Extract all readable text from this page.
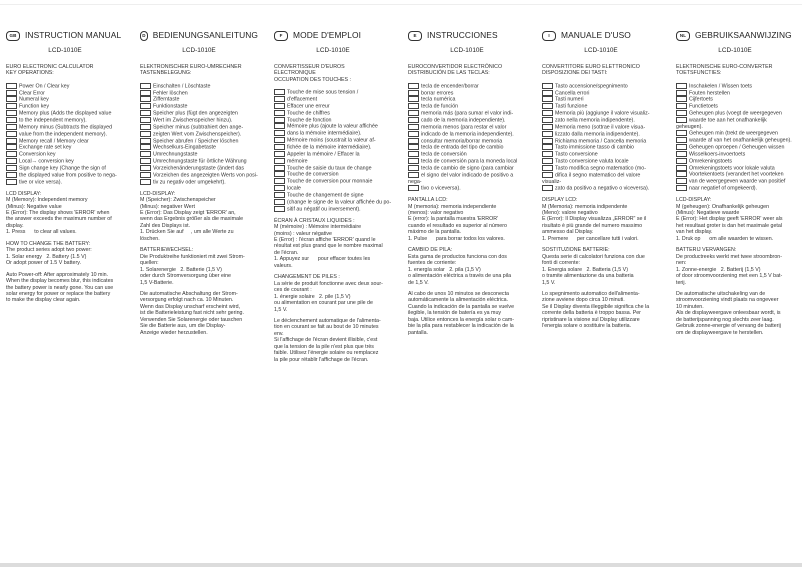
GB	INSTRUCTION MANUAL
LCD-1010E

EURO ELECTRONIC CALCULATOR

KEY OPERATIONS:

Power On / Clear key

Clear Error

Numeral key

Function key

Memory plus (Adds the displayed value

to the independent memory).

Memory minus (Subtracts the displayed

value from the independent memory).

Memory recall / Memory clear

Exchange rate set key

Conversion key

Local→ conversion key

Sign change key (Change the sign of

the displayed value from positive to nega-

tive or vice versa).

LCD DISPLAY:

M (Memory): Independent memory

(Minus): Negative value

E (Error): The display shows 'ERROR' when

the answer exceeds the maximum number of

display.

1. Press      to clear all values.

HOW TO CHANGE THE BATTERY:

The product series adopt two power:

1. Solar energy   2. Battery (1.5 V)

Or adopt power of 1.5 V battery.

Auto Power-off: After approximately 10 min.

When the display becomes blur, this indicates

the battery power is nearly gone. You can use

solar energy for power or replace the battery

to make the display clear again.

D BEDIENUNGSANLEITUNG
LCD-1010E

ELEKTRONISCHER EURO-UMRECHNER

TASTENBELEGUNG:

Einschalten / Löschtaste

Fehler löschen

Zifferntaste

Funktionstaste

Speicher plus (fügt den angezeigten

Wert im Zwischenspeicher hinzu).

Speicher minus (subtrahiert den ange-

zeigten Wert vom Zwischenspeicher).

Speicher abrufen / Speicher löschen

Wechselkurs-Eingabetaste

Umrechnungstaste

Umrechnungstaste für örtliche Währung

Vorzeichenänderungstaste (ändert das

Vorzeichen des angezeigten Werts von posi-

tiv zu negativ oder umgekehrt).

LCD-DISPLAY:

M (Speicher): Zwischenspeicher

(Minus): negativer Wert

E (Error): Das Display zeigt 'ERROR' an,

wenn das Ergebnis größer als die maximale

Zahl des Displays ist.

1. Drücken Sie auf     , um alle Werte zu

löschen.

BATTERIEWECHSEL:

Die Produktreihe funktioniert mit zwei Strom-

quellen:

1. Solarenergie   2. Batterie (1,5 V)

oder durch Stromversorgung über eine

1,5 V-Batterie.

Die automatische Abschaltung der Strom-

versorgung erfolgt nach ca. 10 Minuten.

Wenn das Display unscharf erscheint wird,

ist die Batterieleistung fast nicht sehr gering.

Verwenden Sie Solarenergie oder tauschen

Sie die Batterie aus, um die Display-

Anzeige wieder herzustellen.

F	MODE D'EMPLOI
LCD-1010E

CONVERTISSEUR D'EUROS

ÉLECTRONIQUE

OCCUPATION DES TOUCHES :

Touche de mise sous tension /

d'effacement

Effacer une erreur

Touche de chiffres

Touche de fonction

Mémoire plus (ajoute la valeur affichée

dans la mémoire intermédiaire).

Mémoire moins (soustrait la valeur af-

fichée de la mémoire intermédiaire).

Appeler la mémoire / Effacer la

mémoire

Touche de saisie du taux de change

Touche de conversion

Touche de conversion pour monnaie

locale

Touche de changement de signe

(change le signe de la valeur affichée du po-

sitif au négatif ou inversement).

ÉCRAN À CRISTAUX LIQUIDES :

M (mémoire) : Mémoire intermédiaire

(moins) : valeur négative

E (Error) : l'écran affiche 'ERROR' quand le

résultat est plus grand que le nombre maximal

de l'écran.

1. Appuyez sur      pour effacer toutes les

valeurs.

CHANGEMENT DE PILES :

La série de produit fonctionne avec deux sour-

ces de courant :

1. énergie solaire   2. pile (1,5 V)

ou alimentation en courant par une pile de

1,5 V.

Le déclenchement automatique de l'alimenta-

tion en courant se fait au bout de 10 minutes

env.

Si l'affichage de l'écran devient illisible, c'est

que la tension de la pile n'est plus que très

faible. Utilisez l'énergie solaire ou remplacez

la pile pour rétablir l'affichage de l'écran.

E	INSTRUCCIONES
LCD-1010E

EUROCONVERTIDOR ELECTRÓNICO

DISTRIBUCIÓN DE LAS TECLAS:

tecla de encender/borrar

borrar errores

tecla numérica

tecla de función

memoria más (para sumar el valor indi-

cado de la memoria independiente).

memoria menos (para restar el valor

indicado de la memoria independiente).

consultar memoria/borrar memoria

tecla de entrada del tipo de cambio

tecla de conversión

tecla de conversión para la moneda local

tecla de cambio de signo (para cambiar

el signo del valor indicado de positivo a nega-

tivo o viceversa).

PANTALLA LCD:

M (memoria): memoria independiente

(menos): valor negativo

E (error): la pantalla muestra 'ERROR'

cuando el resultado es superior al número

máximo de la pantalla.

1. Pulse      para borrar todos los valores.

CAMBIO DE PILA:

Esta gama de productos funciona con dos

fuentes de corriente:

1. energía solar   2. pila (1,5 V)

o alimentación eléctrica a través de una pila

de 1,5 V.

Al cabo de unos 10 minutos se desconecta

automáticamente la alimentación eléctrica.

Cuando la indicación de la pantalla se vuelve

ilegible, la tensión de batería es ya muy

baja. Utilice entonces la energía solar o cam-

bie la pila para restablecer la indicación de la

pantalla.

I	MANUALE D'USO
LCD-1010E

CONVERTITORE EURO ELETTRONICO

DISPOSIZIONE DEI TASTI:

Tasto accensione/spegnimento

Cancella errori

Tasti numeri

Tasti funzione

Memoria più (aggiunge il valore visualiz-

zato nella memoria indipendente).

Memoria meno (sottrae il valore visua-

lizzato dalla memoria indipendente).

Richiama memoria / Cancella memoria

Tasto immissione tasso di cambio

Tasto conversione

Tasto conversione valuta locale

Tasto modifica segno matematico (mo-

difica il segno matematico del valore visualiz-

zato da positivo a negativo o viceversa).

DISPLAY LCD:

M (Memoria): memoria indipendente

(Meno): valore negativo

E (Error): Il Display visualizza „ERROR" se il

risultato è più grande del numero massimo

ammesso dal Display.

1. Premere      per cancellare tutti i valori.

SOSTITUZIONE BATTERIE:

Questa serie di calcolatori funziona con due

fonti di corrente:

1. Energia solare   2. Batteria (1,5 V)

o tramite alimentazione da una batteria

1,5 V.

Lo spegnimento automatico dell'alimenta-

zione avviene dopo circa 10 minuti.

Se il Display diventa illeggibile significa che la

corrente della batteria è troppo bassa. Per

ripristinare la visione sul Display utilizzare

l'energia solare o sostituire la batteria.

NL	GEBRUIKSAANWIJZING
LCD-1010E

ELEKTRONISCHE EURO-CONVERTER

TOETSFUNCTIES:

Inschakelen / Wissen toets

Fouten herstellen

Cijfertoets

Functietoets

Geheugen plus (voegt de weergegeven

waarde toe aan het onafhankelijk geheugen).

Geheugen min (trekt de weergegeven

waarde af van het onafhankelijk geheugen).

Geheugen oproepen / Geheugen wissen

Wisselkoers-invoertoets

Omrekeningstoets

Omrekeningstoets voor lokale valuta

Voortekentoets (verandert het voorteken

van de weergegeven waarde van positief

naar negatief of omgekeerd).

LCD-DISPLAY:

M (geheugen): Onafhankelijk geheugen

(Minus): Negatieve waarde

E (Error): Het display geeft 'ERROR' weer als

het resultaat groter is dan het maximale getal

van het display.

1. Druk op      om alle waarden te wissen.

BATTERIJ VERVANGEN:

De productreeks werkt met twee stroombron-

nen:

1. Zonne-energie   2. Batterij (1,5 V)

of door stroomvoorziening met een 1,5 V bat-

terij.

De automatische uitschakeling van de

stroomvoorziening vindt plaats na ongeveer

10 minuten.

Als de displayweergave onleesbaar wordt, is

de batterijspanning nog slechts zeer laag.

Gebruik zonne-energie of vervang de batterij

om de displayweergave te herstellen.
